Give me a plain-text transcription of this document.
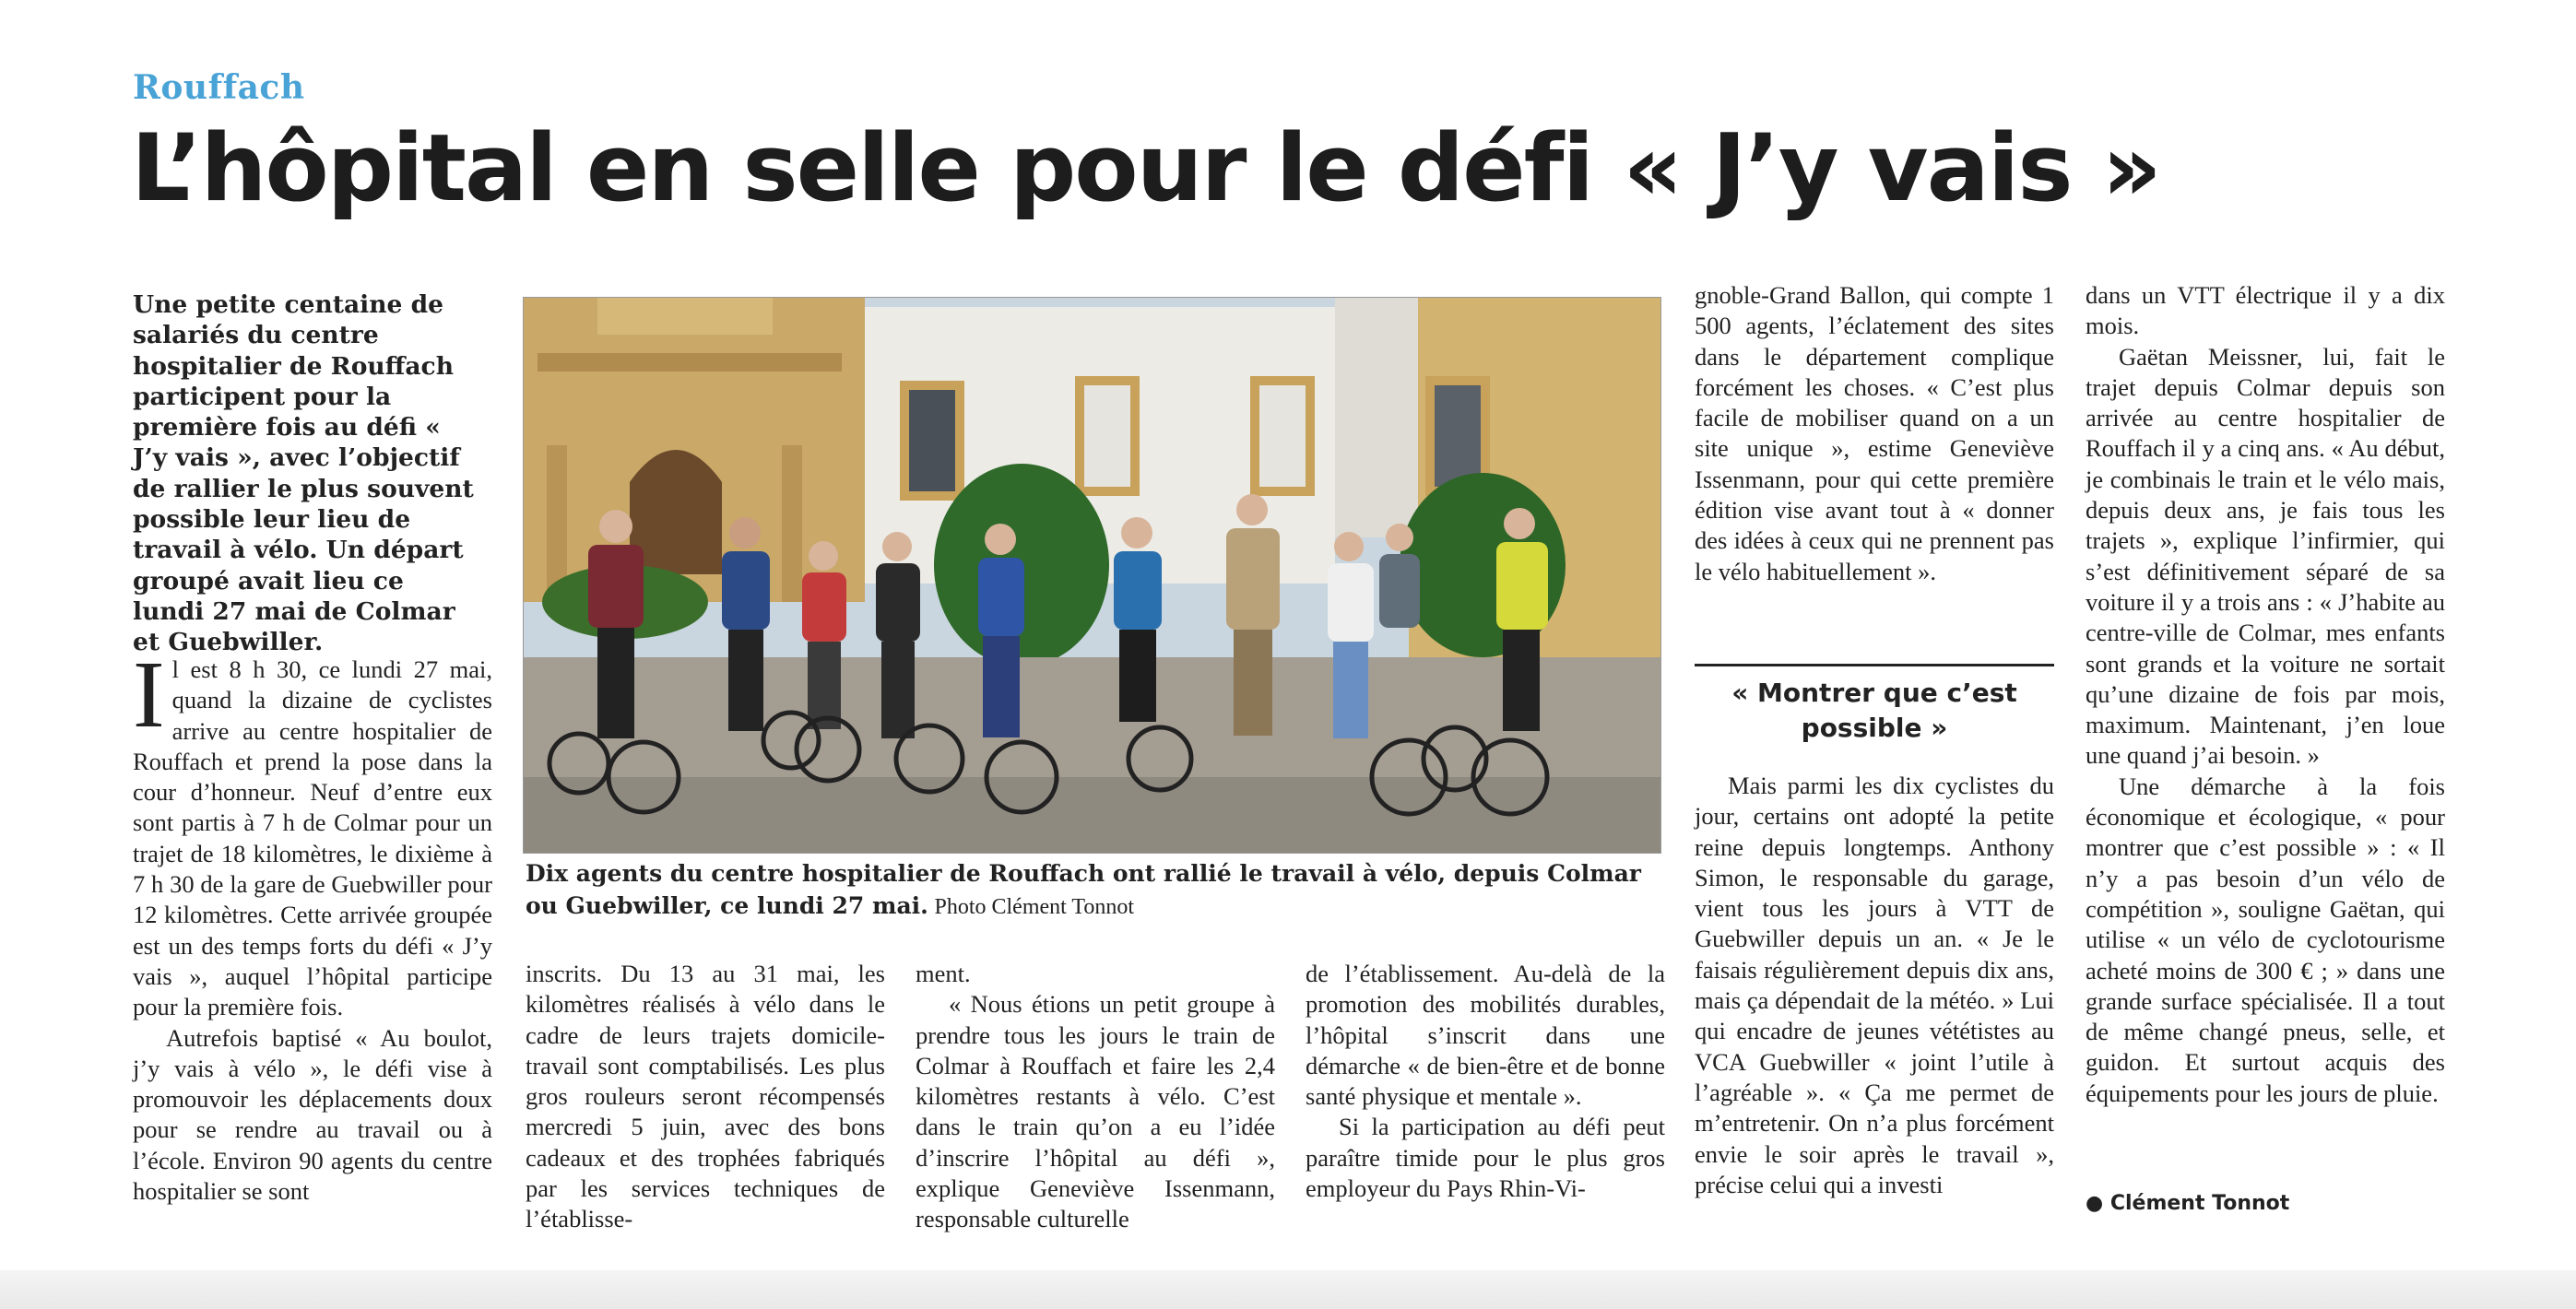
Rouffach
L’hôpital en selle pour le défi « J’y vais »
Une petite centaine de salariés du centre hospitalier de Rouffach participent pour la première fois au défi « J’y vais », avec l’objectif de rallier le plus souvent possible leur lieu de travail à vélo. Un départ groupé avait lieu ce lundi 27 mai de Colmar et Guebwiller.

Il est 8 h 30, ce lundi 27 mai, quand la dizaine de cyclistes arrive au centre hospitalier de Rouffach et prend la pose dans la cour d’honneur. Neuf d’entre eux sont partis à 7 h de Colmar pour un trajet de 18 kilomètres, le dixième à 7 h 30 de la gare de Guebwiller pour 12 kilomètres. Cette arrivée groupée est un des temps forts du défi « J’y vais », auquel l’hôpital participe pour la première fois.

Autrefois baptisé « Au boulot, j’y vais à vélo », le défi vise à promouvoir les déplacements doux pour se rendre au travail ou à l’école. Environ 90 agents du centre hospitalier se sont

Dix agents du centre hospitalier de Rouffach ont rallié le travail à vélo, depuis Colmar ou Guebwiller, ce lundi 27 mai. Photo Clément Tonnot

inscrits. Du 13 au 31 mai, les kilomètres réalisés à vélo dans le cadre de leurs trajets domicile-travail sont comptabilisés. Les plus gros rouleurs seront récompensés mercredi 5 juin, avec des bons cadeaux et des trophées fabriqués par les services techniques de l’établisse-

ment.

« Nous étions un petit groupe à prendre tous les jours le train de Colmar à Rouffach et faire les 2,4 kilomètres restants à vélo. C’est dans le train qu’on a eu l’idée d’inscrire l’hôpital au défi », explique Geneviève Issenmann, responsable culturelle

de l’établissement. Au-delà de la promotion des mobilités durables, l’hôpital s’inscrit dans une démarche « de bien-être et de bonne santé physique et mentale ».

Si la participation au défi peut paraître timide pour le plus gros employeur du Pays Rhin-Vi-

gnoble-Grand Ballon, qui compte 1 500 agents, l’éclatement des sites dans le département complique forcément les choses. « C’est plus facile de mobiliser quand on a un site unique », estime Geneviève Issenmann, pour qui cette première édition vise avant tout à « donner des idées à ceux qui ne prennent pas le vélo habituellement ».

« Montrer que c’est possible »

Mais parmi les dix cyclistes du jour, certains ont adopté la petite reine depuis longtemps. Anthony Simon, le responsable du garage, vient tous les jours à VTT de Guebwiller depuis un an. « Je le faisais régulièrement depuis dix ans, mais ça dépendait de la météo. » Lui qui encadre de jeunes vététistes au VCA Guebwiller « joint l’utile à l’agréable ». « Ça me permet de m’entretenir. On n’a plus forcément envie le soir après le travail », précise celui qui a investi

dans un VTT électrique il y a dix mois.

Gaëtan Meissner, lui, fait le trajet depuis Colmar depuis son arrivée au centre hospitalier de Rouffach il y a cinq ans. « Au début, je combinais le train et le vélo mais, depuis deux ans, je fais tous les trajets », explique l’infirmier, qui s’est définitivement séparé de sa voiture il y a trois ans : « J’habite au centre-ville de Colmar, mes enfants sont grands et la voiture ne sortait qu’une dizaine de fois par mois, maximum. Maintenant, j’en loue une quand j’ai besoin. »

Une démarche à la fois économique et écologique, « pour montrer que c’est possible » : « Il n’y a pas besoin d’un vélo de compétition », souligne Gaëtan, qui utilise « un vélo de cyclotourisme acheté moins de 300 € ; » dans une grande surface spécialisée. Il a tout de même changé pneus, selle, et guidon. Et surtout acquis des équipements pour les jours de pluie.

● Clément Tonnot
